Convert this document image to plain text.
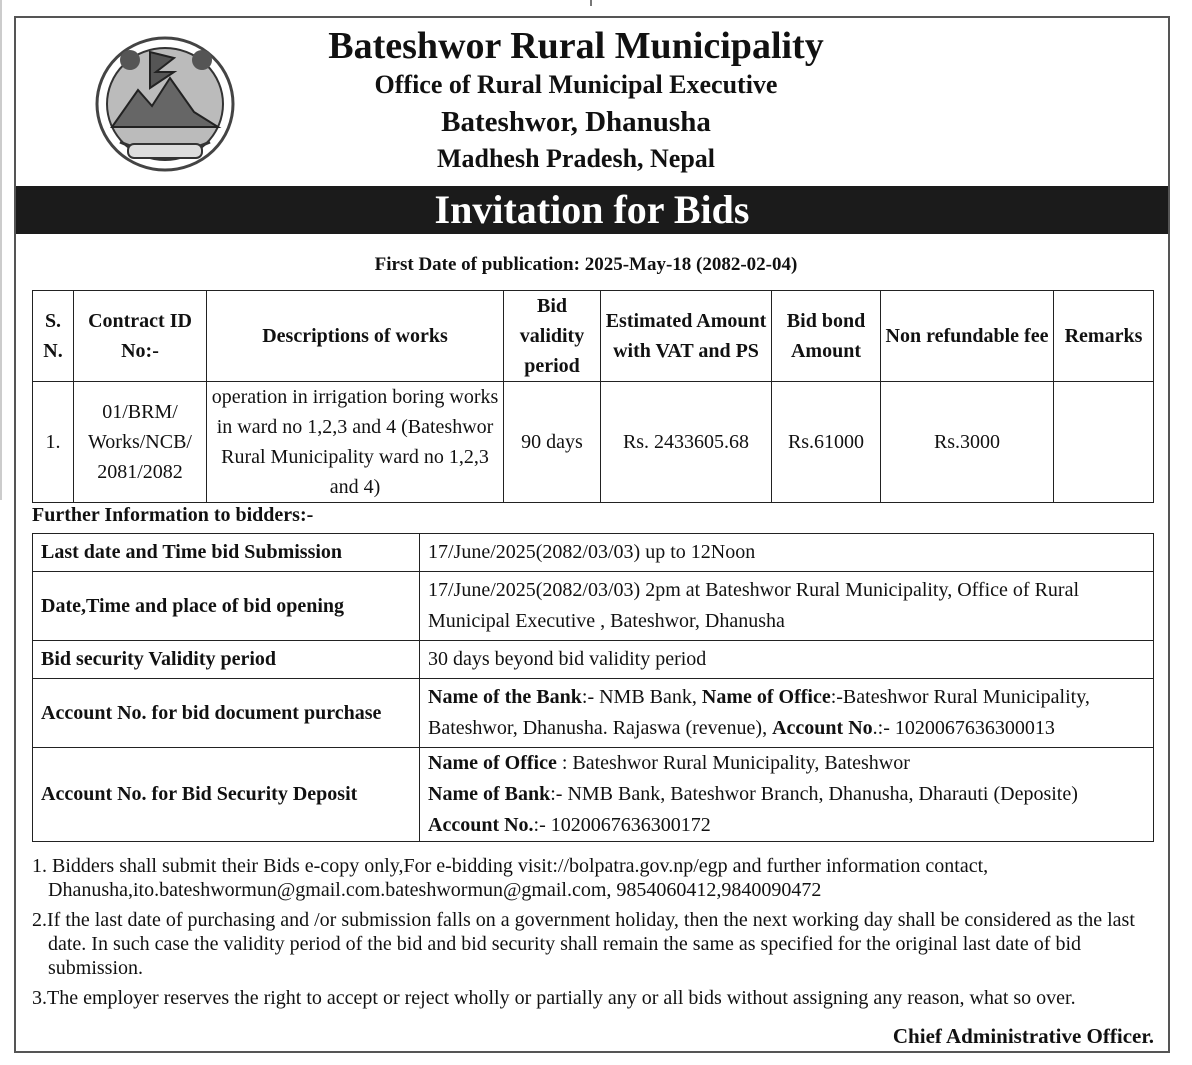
Bateshwor Rural Municipality
Office of Rural Municipal Executive
Bateshwor, Dhanusha
Madhesh Pradesh, Nepal
Invitation for Bids
First Date of publication: 2025-May-18 (2082-02-04)
S. N.	Contract ID No:-	Descriptions of works	Bid validity period	Estimated Amount with VAT and PS	Bid bond Amount	Non refundable fee	Remarks
1.	01/BRM/ Works/NCB/ 2081/2082	operation in irrigation boring works in ward no 1,2,3 and 4 (Bateshwor Rural Municipality ward no 1,2,3 and 4)	90 days	Rs. 2433605.68	Rs.61000	Rs.3000	
Further Information to bidders:-
Last date and Time bid Submission	17/June/2025(2082/03/03) up to 12Noon
Date,Time and place of bid opening	17/June/2025(2082/03/03) 2pm at Bateshwor Rural Municipality, Office of Rural Municipal Executive , Bateshwor, Dhanusha
Bid security Validity period	30 days beyond bid validity period
Account No. for bid document purchase	Name of the Bank:- NMB Bank, Name of Office:-Bateshwor Rural Municipality, Bateshwor, Dhanusha. Rajaswa (revenue), Account No.:- 1020067636300013
Account No. for Bid Security Deposit	Name of Office : Bateshwor Rural Municipality, Bateshwor
Name of Bank:- NMB Bank, Bateshwor Branch, Dhanusha, Dharauti (Deposite)
Account No.:- 1020067636300172

1. Bidders shall submit their Bids e-copy only,For e-bidding visit://bolpatra.gov.np/egp and further information contact, Dhanusha,ito.bateshwormun@gmail.com.bateshwormun@gmail.com, 9854060412,9840090472

2.If the last date of purchasing and /or submission falls on a government holiday, then the next working day shall be considered as the last date. In such case the validity period of the bid and bid security shall remain the same as specified for the original last date of bid submission.

3.The employer reserves the right to accept or reject wholly or partially any or all bids without assigning any reason, what so over.

Chief Administrative Officer.
